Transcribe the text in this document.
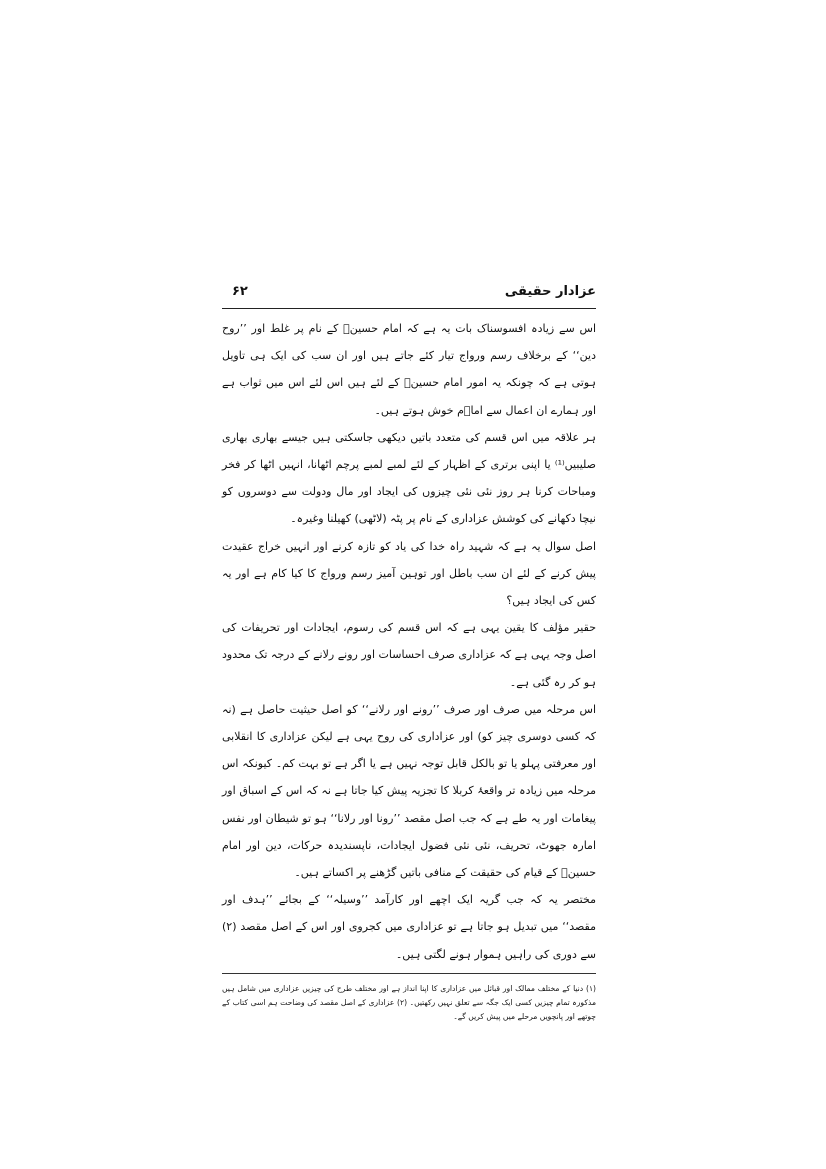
عزادار حقیقی
۶۲

اس سے زیادہ افسوسناک بات یہ ہے کہ امام حسینؑ کے نام پر غلط اور ’’روح دین‘‘ کے برخلاف رسم ورواج تیار کئے جاتے ہیں اور ان سب کی ایک ہی تاویل ہوتی ہے کہ چونکہ یہ امور امام حسینؑ کے لئے ہیں اس لئے اس میں ثواب ہے اور ہمارے ان اعمال سے اماؑم خوش ہوتے ہیں۔

ہر علاقہ میں اس قسم کی متعدد باتیں دیکھی جاسکتی ہیں جیسے بھاری بھاری صلیبیں⁽¹⁾ یا اپنی برتری کے اظہار کے لئے لمبے لمبے پرچم اٹھانا، انہیں اٹھا کر فخر ومباحات کرنا ہر روز نئی نئی چیزوں کی ایجاد اور مال ودولت سے دوسروں کو نیچا دکھانے کی کوشش عزاداری کے نام پر پٹہ (لاٹھی) کھیلنا وغیرہ۔

اصل سوال یہ ہے کہ شہید راہ خدا کی یاد کو تازہ کرنے اور انہیں خراج عقیدت پیش کرنے کے لئے ان سب باطل اور توہین آمیز رسم ورواج کا کیا کام ہے اور یہ کس کی ایجاد ہیں؟

حقیر مؤلف کا یقین یہی ہے کہ اس قسم کی رسوم، ایجادات اور تحریفات کی اصل وجہ یہی ہے کہ عزاداری صرف احساسات اور رونے رلانے کے درجہ تک محدود ہو کر رہ گئی ہے۔

اس مرحلہ میں صرف اور صرف ’’رونے اور رلانے‘‘ کو اصل حیثیت حاصل ہے (نہ کہ کسی دوسری چیز کو) اور عزاداری کی روح یہی ہے لیکن عزاداری کا انقلابی اور معرفتی پہلو یا تو بالکل قابل توجہ نہیں ہے یا اگر ہے تو بہت کم۔ کیونکہ اس مرحلہ میں زیادہ تر واقعۂ کربلا کا تجزیہ پیش کیا جاتا ہے نہ کہ اس کے اسباق اور پیغامات اور یہ طے ہے کہ جب اصل مقصد ’’رونا اور رلانا‘‘ ہو تو شیطان اور نفس امارہ جھوٹ، تحریف، نئی نئی فضول ایجادات، ناپسندیدہ حرکات، دین اور امام حسینؑ کے قیام کی حقیقت کے منافی باتیں گڑھنے پر اکساتے ہیں۔

مختصر یہ کہ جب گریہ ایک اچھے اور کارآمد ’’وسیلہ‘‘ کے بجائے ’’ہدف اور مقصد‘‘ میں تبدیل ہو جاتا ہے تو عزاداری میں کجروی اور اس کے اصل مقصد (۲) سے دوری کی راہیں ہموار ہونے لگتی ہیں۔

(۱) دنیا کے مختلف ممالک اور قبائل میں عزاداری کا اپنا انداز ہے اور مختلف طرح کی چیزیں عزاداری میں شامل ہیں مذکورہ تمام چیزیں کسی ایک جگہ سے تعلق نہیں رکھتیں۔ (۲) عزاداری کے اصل مقصد کی وضاحت ہم اسی کتاب کے چوتھے اور پانچویں مرحلے میں پیش کریں گے۔
